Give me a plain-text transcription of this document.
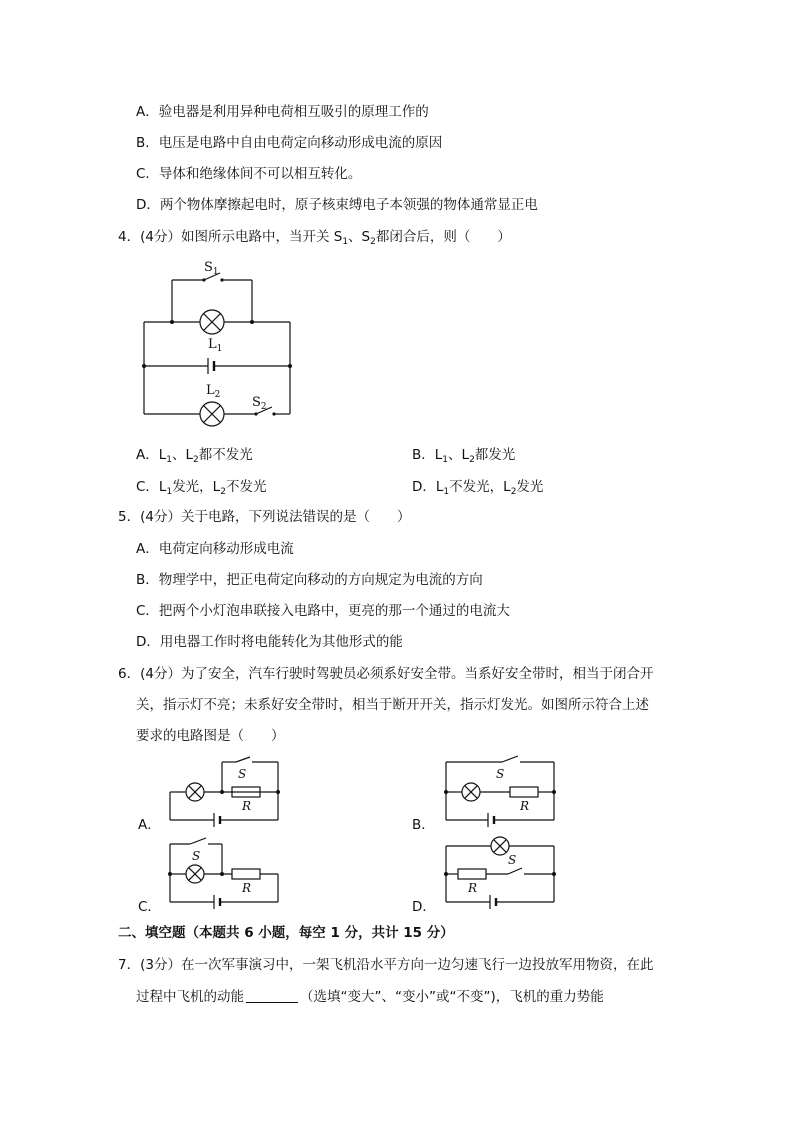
A．验电器是利用异种电荷相互吸引的原理工作的
B．电压是电路中自由电荷定向移动形成电流的原因
C．导体和绝缘体间不可以相互转化。
D．两个物体摩擦起电时，原子核束缚电子本领强的物体通常显正电
4．(4分）如图所示电路中，当开关 $S_1$、$S_2$都闭合后，则（　　）
$S_1$
$L_1$
$L_2$ $S_2$
A．$L_1$、$L_2$都不发光	B．$L_1$、$L_2$都发光
C．$L_1$发光，$L_2$不发光	D．$L_1$不发光，$L_2$发光
5．(4分）关于电路，下列说法错误的是（　　）
A．电荷定向移动形成电流
B．物理学中，把正电荷定向移动的方向规定为电流的方向
C．把两个小灯泡串联接入电路中，更亮的那一个通过的电流大
D．用电器工作时将电能转化为其他形式的能
6．(4分）为了安全，汽车行驶时驾驶员必须系好安全带。当系好安全带时，相当于闭合开
关，指示灯不亮；未系好安全带时，相当于断开开关，指示灯发光。如图所示符合上述
要求的电路图是（　　）
S
R
A．
S
R
B．
S
R
C．
S
R
D．
二、填空题（本题共 6 小题，每空 1 分，共计 15 分）
7．(3分）在一次军事演习中，一架飞机沿水平方向一边匀速飞行一边投放军用物资，在此
过程中飞机的动能	（选填“变大”、“变小”或“不变”)，飞机的重力势能
